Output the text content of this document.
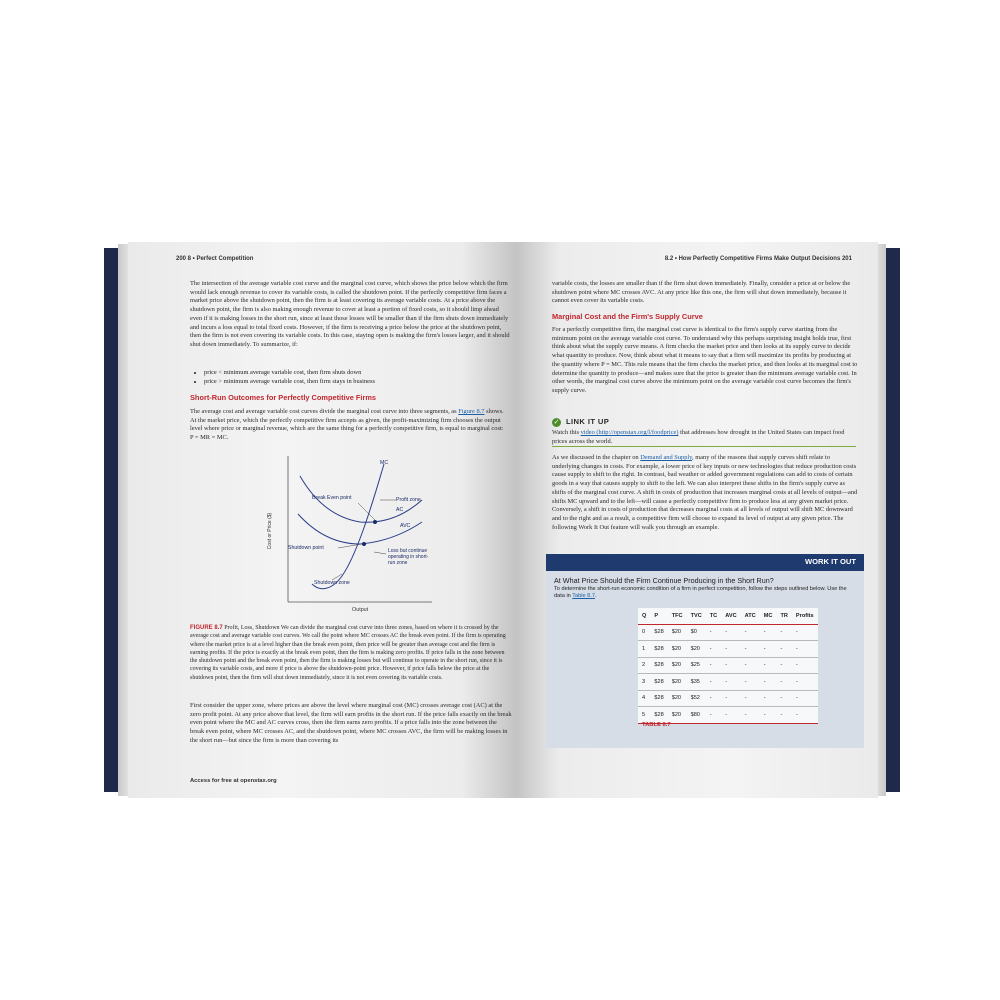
200 8 • Perfect Competition

The intersection of the average variable cost curve and the marginal cost curve, which shows the price below which the firm would lack enough revenue to cover its variable costs, is called the shutdown point. If the perfectly competitive firm faces a market price above the shutdown point, then the firm is at least covering its average variable costs. At a price above the shutdown point, the firm is also making enough revenue to cover at least a portion of fixed costs, so it should limp ahead even if it is making losses in the short run, since at least those losses will be smaller than if the firm shuts down immediately and incurs a loss equal to total fixed costs. However, if the firm is receiving a price below the price at the shutdown point, then the firm is not even covering its variable costs. In this case, staying open is making the firm's losses larger, and it should shut down immediately. To summarize, if:

• price < minimum average variable cost, then firm shuts down
• price > minimum average variable cost, then firm stays in business
Short-Run Outcomes for Perfectly Competitive Firms

The average cost and average variable cost curves divide the marginal cost curve into three segments, as Figure 8.7 shows. At the market price, which the perfectly competitive firm accepts as given, the profit-maximizing firm chooses the output level where price or marginal revenue, which are the same thing for a perfectly competitive firm, is equal to marginal cost: P = MR = MC.

Cost or Price ($)
Output
MC
Break Even point	Profit zone
AC
AVC
Shutdown point	Loss but continue operating in short-run zone
Shutdown zone

FIGURE 8.7 Profit, Loss, Shutdown We can divide the marginal cost curve into three zones, based on where it is crossed by the average cost and average variable cost curves. We call the point where MC crosses AC the break even point. If the firm is operating where the market price is at a level higher than the break even point, then price will be greater than average cost and the firm is earning profits. If the price is exactly at the break even point, then the firm is making zero profits. If price falls in the zone between the shutdown point and the break even point, then the firm is making losses but will continue to operate in the short run, since it is covering its variable costs, and more if price is above the shutdown-point price. However, if price falls below the price at the shutdown point, then the firm will shut down immediately, since it is not even covering its variable costs.

First consider the upper zone, where prices are above the level where marginal cost (MC) crosses average cost (AC) at the zero profit point. At any price above that level, the firm will earn profits in the short run. If the price falls exactly on the break even point where the MC and AC curves cross, then the firm earns zero profits. If a price falls into the zone between the break even point, where MC crosses AC, and the shutdown point, where MC crosses AVC, the firm will be making losses in the short run—but since the firm is more than covering its

Access for free at openstax.org
8.2 • How Perfectly Competitive Firms Make Output Decisions 201

variable costs, the losses are smaller than if the firm shut down immediately. Finally, consider a price at or below the shutdown point where MC crosses AVC. At any price like this one, the firm will shut down immediately, because it cannot even cover its variable costs.

Marginal Cost and the Firm's Supply Curve

For a perfectly competitive firm, the marginal cost curve is identical to the firm's supply curve starting from the minimum point on the average variable cost curve. To understand why this perhaps surprising insight holds true, first think about what the supply curve means. A firm checks the market price and then looks at its supply curve to decide what quantity to produce. Now, think about what it means to say that a firm will maximize its profits by producing at the quantity where P = MC. This rule means that the firm checks the market price, and then looks at its marginal cost to determine the quantity to produce—and makes sure that the price is greater than the minimum average variable cost. In other words, the marginal cost curve above the minimum point on the average variable cost curve becomes the firm's supply curve.

✓ LINK IT UP

Watch this video (http://openstax.org/l/foodprice) that addresses how drought in the United States can impact food prices across the world.

As we discussed in the chapter on Demand and Supply, many of the reasons that supply curves shift relate to underlying changes in costs. For example, a lower price of key inputs or new technologies that reduce production costs cause supply to shift to the right. In contrast, bad weather or added government regulations can add to costs of certain goods in a way that causes supply to shift to the left. We can also interpret these shifts in the firm's supply curve as shifts of the marginal cost curve. A shift in costs of production that increases marginal costs at all levels of output—and shifts MC upward and to the left—will cause a perfectly competitive firm to produce less at any given market price. Conversely, a shift in costs of production that decreases marginal costs at all levels of output will shift MC downward and to the right and as a result, a competitive firm will choose to expand its level of output at any given price. The following Work It Out feature will walk you through an example.

WORK IT OUT
At What Price Should the Firm Continue Producing in the Short Run?
To determine the short-run economic condition of a firm in perfect competition, follow the steps outlined below. Use the data in Table 8.7.
Q	P	TFC	TVC	TC	AVC	ATC	MC	TR	Profits
0	$28	$20	$0	-	-	-	-	-	-
1	$28	$20	$20	-	-	-	-	-	-
2	$28	$20	$25	-	-	-	-	-	-
3	$28	$20	$35	-	-	-	-	-	-
4	$28	$20	$52	-	-	-	-	-	-
5	$28	$20	$80	-	-	-	-	-	-
TABLE 8.7
